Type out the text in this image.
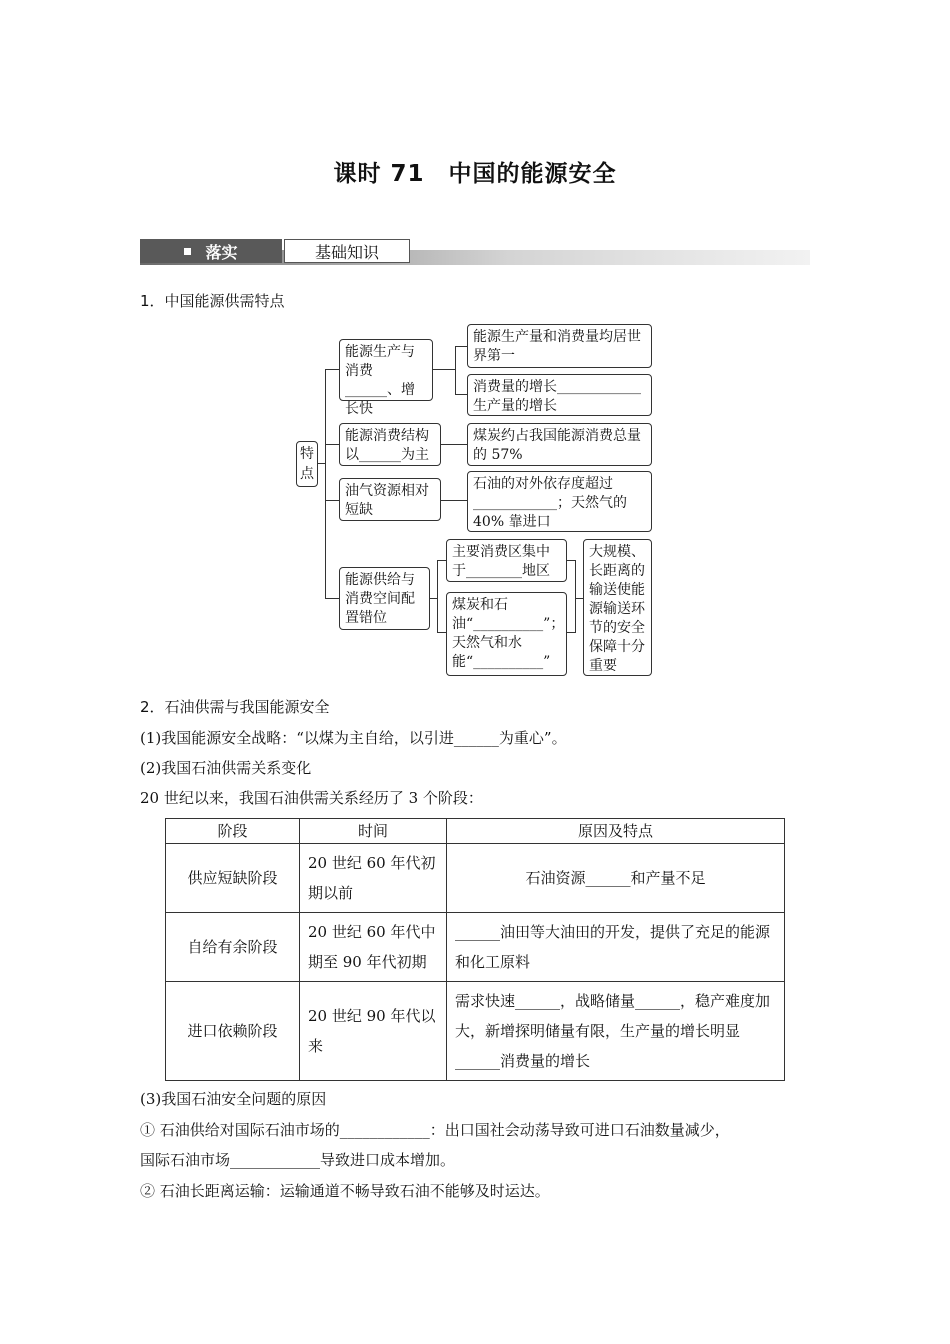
课时 71　中国的能源安全
落实	基础知识
1．中国能源供需特点
特点
能源生产与消费______、增长快
能源生产量和消费量均居世界第一
消费量的增长____________生产量的增长
能源消费结构以______为主
煤炭约占我国能源消费总量的 57%
油气资源相对短缺
石油的对外依存度超过____________；天然气的 40% 靠进口
能源供给与消费空间配置错位
主要消费区集中于________地区
煤炭和石油“__________”；天然气和水能“__________”
大规模、长距离的输送使能源输送环节的安全保障十分重要
2．石油供需与我国能源安全
(1)我国能源安全战略：“以煤为主自给，以引进______为重心”。
(2)我国石油供需关系变化
20 世纪以来，我国石油供需关系经历了 3 个阶段：
阶段	时间	原因及特点
供应短缺阶段	20 世纪 60 年代初期以前	石油资源______和产量不足
自给有余阶段	20 世纪 60 年代中期至 90 年代初期	______油田等大油田的开发，提供了充足的能源和化工原料
进口依赖阶段	20 世纪 90 年代以来	需求快速______，战略储量______，稳产难度加大，新增探明储量有限，生产量的增长明显______消费量的增长
(3)我国石油安全问题的原因
① 石油供给对国际石油市场的____________：出口国社会动荡导致可进口石油数量减少，
国际石油市场____________导致进口成本增加。
② 石油长距离运输：运输通道不畅导致石油不能够及时运达。
